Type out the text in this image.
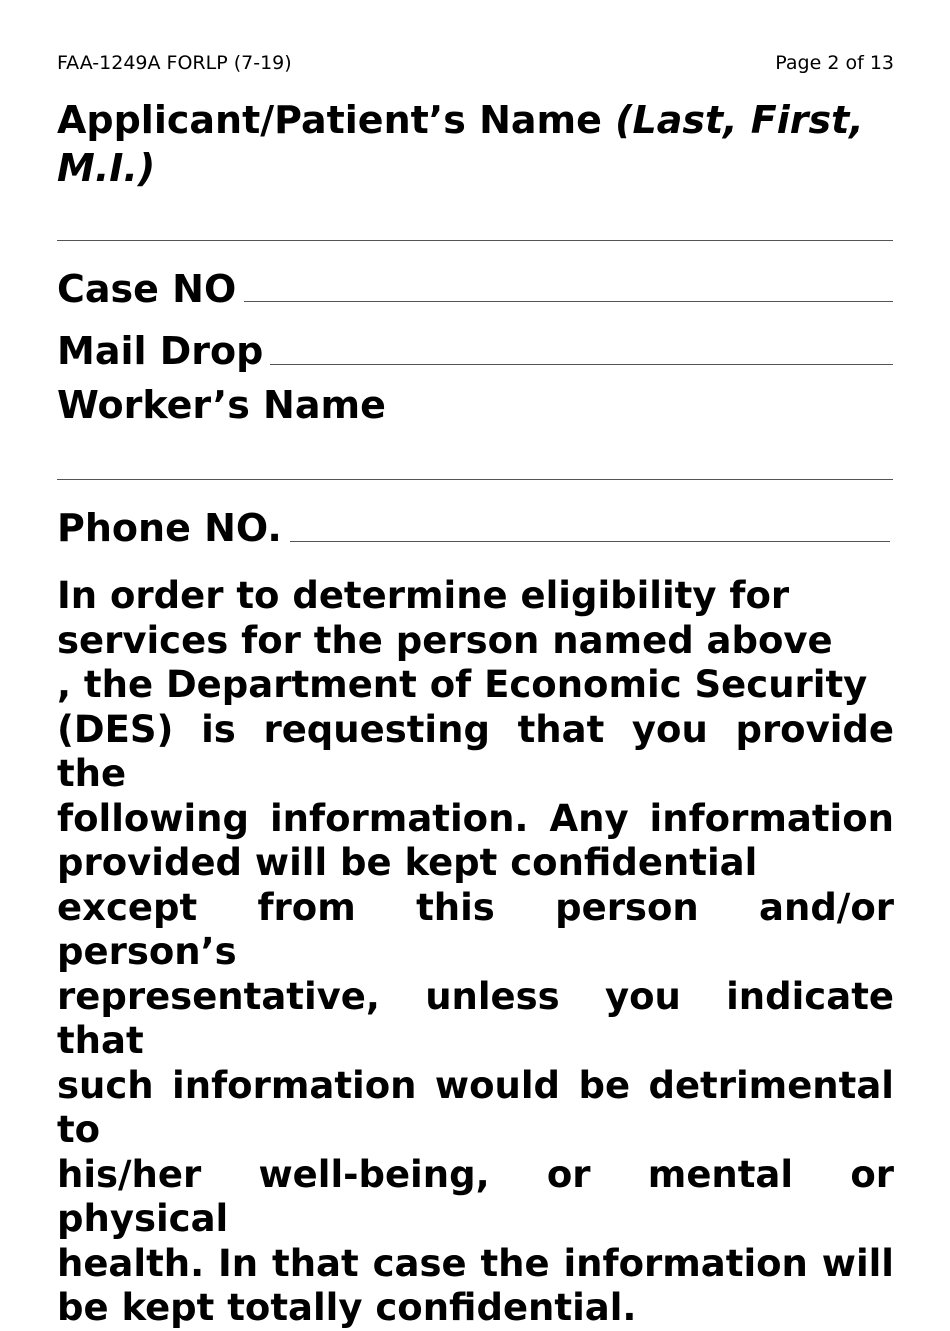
FAA-1249A FORLP (7-19)	Page 2 of 13
Applicant/Patient’s Name (Last, First, M.I.)
Case NO
Mail Drop
Worker’s Name
Phone NO.
In order to determine eligibility for
services for the person named above
, the Department of Economic Security
(DES) is requesting that you provide the
following information. Any information
provided will be kept confidential
except from this person and/or person’s
representative, unless you indicate that
such information would be detrimental to
his/her well-being, or mental or physical
health. In that case the information will
be kept totally confidential.
